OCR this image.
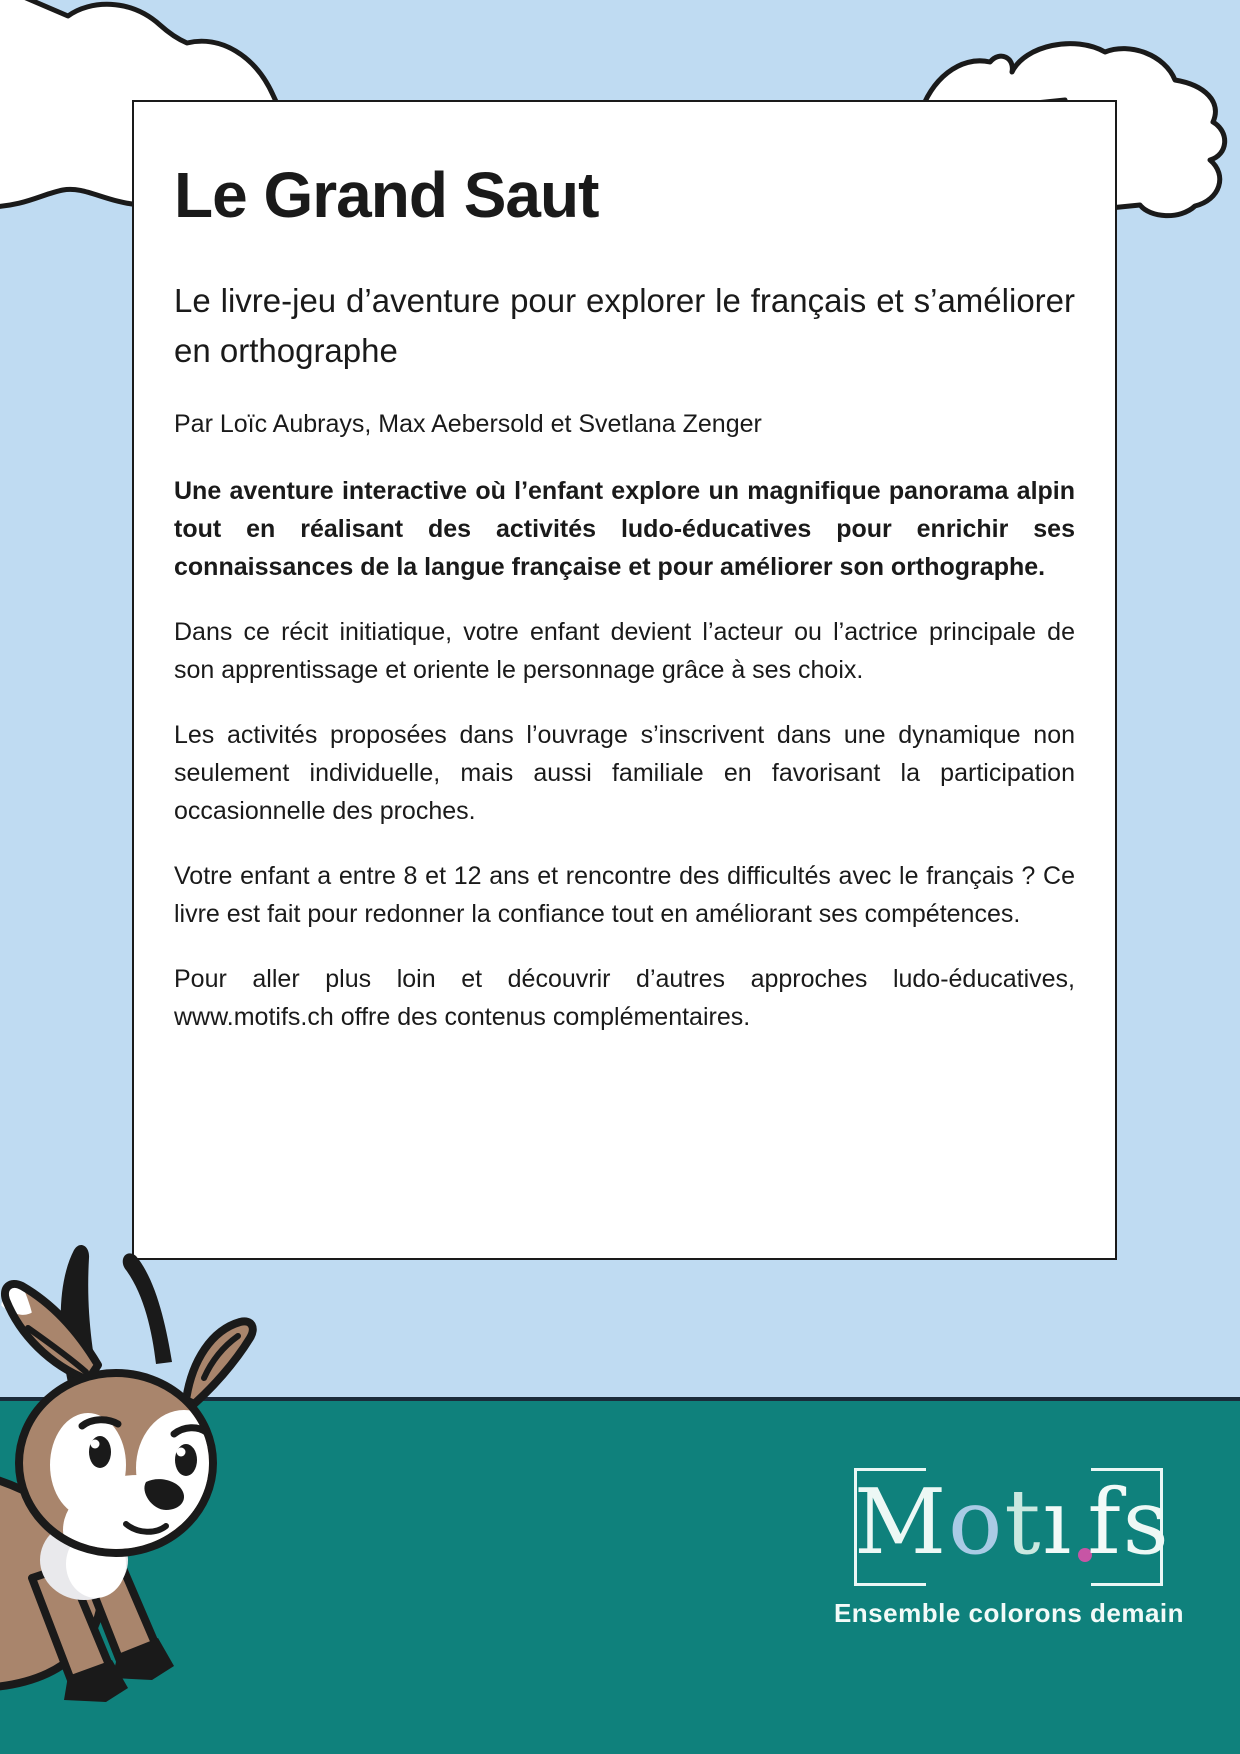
Le Grand Saut
Le livre-jeu d’aventure pour explorer le français et s’améliorer en orthographe

Par Loïc Aubrays, Max Aebersold et Svetlana Zenger

Une aventure interactive où l’enfant explore un magnifique panorama alpin tout en réalisant des activités ludo-éducatives pour enrichir ses connaissances de la langue française et pour améliorer son orthographe.

Dans ce récit initiatique, votre enfant devient l’acteur ou l’actrice principale de son apprentissage et oriente le personnage grâce à ses choix.

Les activités proposées dans l’ouvrage s’inscrivent dans une dynamique non seulement individuelle, mais aussi familiale en favorisant la participation occasionnelle des proches.

Votre enfant a entre 8 et 12 ans et rencontre des difficultés avec le français ? Ce livre est fait pour redonner la confiance tout en améliorant ses compétences.

Pour aller plus loin et découvrir d’autres approches ludo-éducatives, www.motifs.ch offre des contenus complémentaires.

Motı fs
Ensemble colorons demain
